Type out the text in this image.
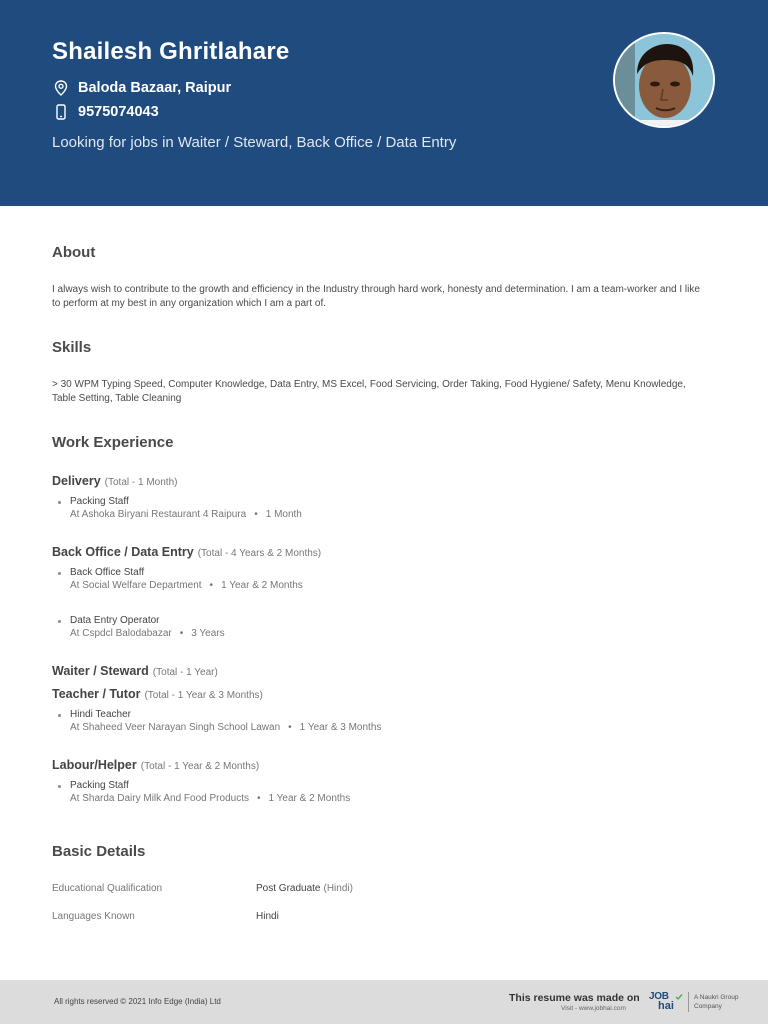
Shailesh Ghritlahare
Baloda Bazaar, Raipur
9575074043
Looking for jobs in Waiter / Steward, Back Office / Data Entry
About
I always wish to contribute to the growth and efficiency in the Industry through hard work, honesty and determination. I am a team-worker and I like to perform at my best in any organization which I am a part of.
Skills
> 30 WPM Typing Speed, Computer Knowledge, Data Entry, MS Excel, Food Servicing, Order Taking, Food Hygiene/ Safety, Menu Knowledge, Table Setting, Table Cleaning
Work Experience
Delivery (Total - 1 Month)
Packing Staff
At Ashoka Biryani Restaurant 4 Raipura • 1 Month
Back Office / Data Entry (Total - 4 Years & 2 Months)
Back Office Staff
At Social Welfare Department • 1 Year & 2 Months
Data Entry Operator
At Cspdcl Balodabazar • 3 Years
Waiter / Steward (Total - 1 Year)
Teacher / Tutor (Total - 1 Year & 3 Months)
Hindi Teacher
At Shaheed Veer Narayan Singh School Lawan • 1 Year & 3 Months
Labour/Helper (Total - 1 Year & 2 Months)
Packing Staff
At Sharda Dairy Milk And Food Products • 1 Year & 2 Months
Basic Details
Educational Qualification	Post Graduate (Hindi)
Languages Known	Hindi
All rights reserved © 2021 Info Edge (India) Ltd	This resume was made on
Visit - www.jobhai.com
JOB
hai
A Naukri Group
Company
